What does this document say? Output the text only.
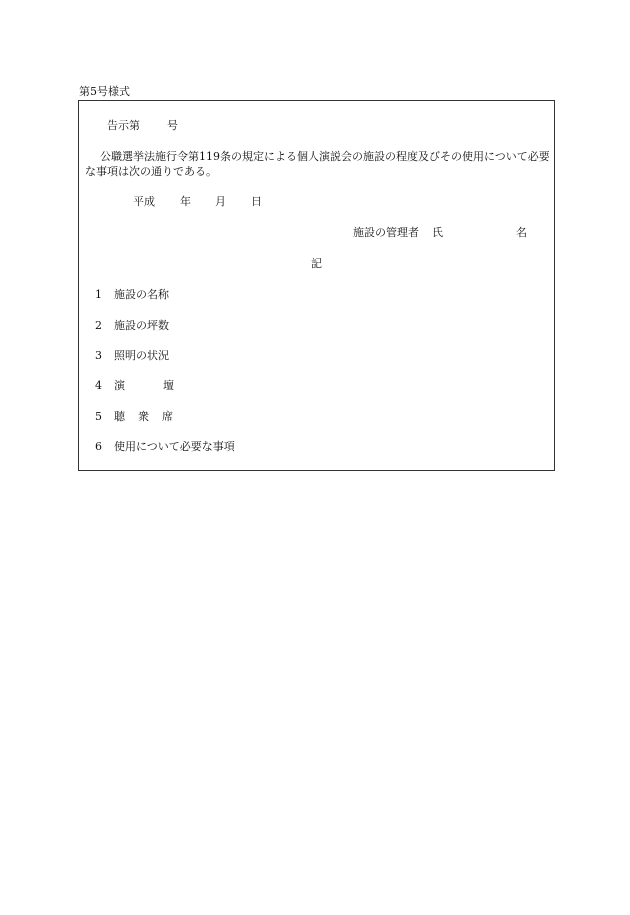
第5号様式
告示第 号
公職選挙法施行令第119条の規定による個人演説会の施設の程度及びその使用について必要な事項は次の通りである。
平成 年 月 日
施設の管理者 氏	名
記
1 施設の名称
2 施設の坪数
3 照明の状況
4 演	壇
5 聴 衆 席
6 使用について必要な事項
